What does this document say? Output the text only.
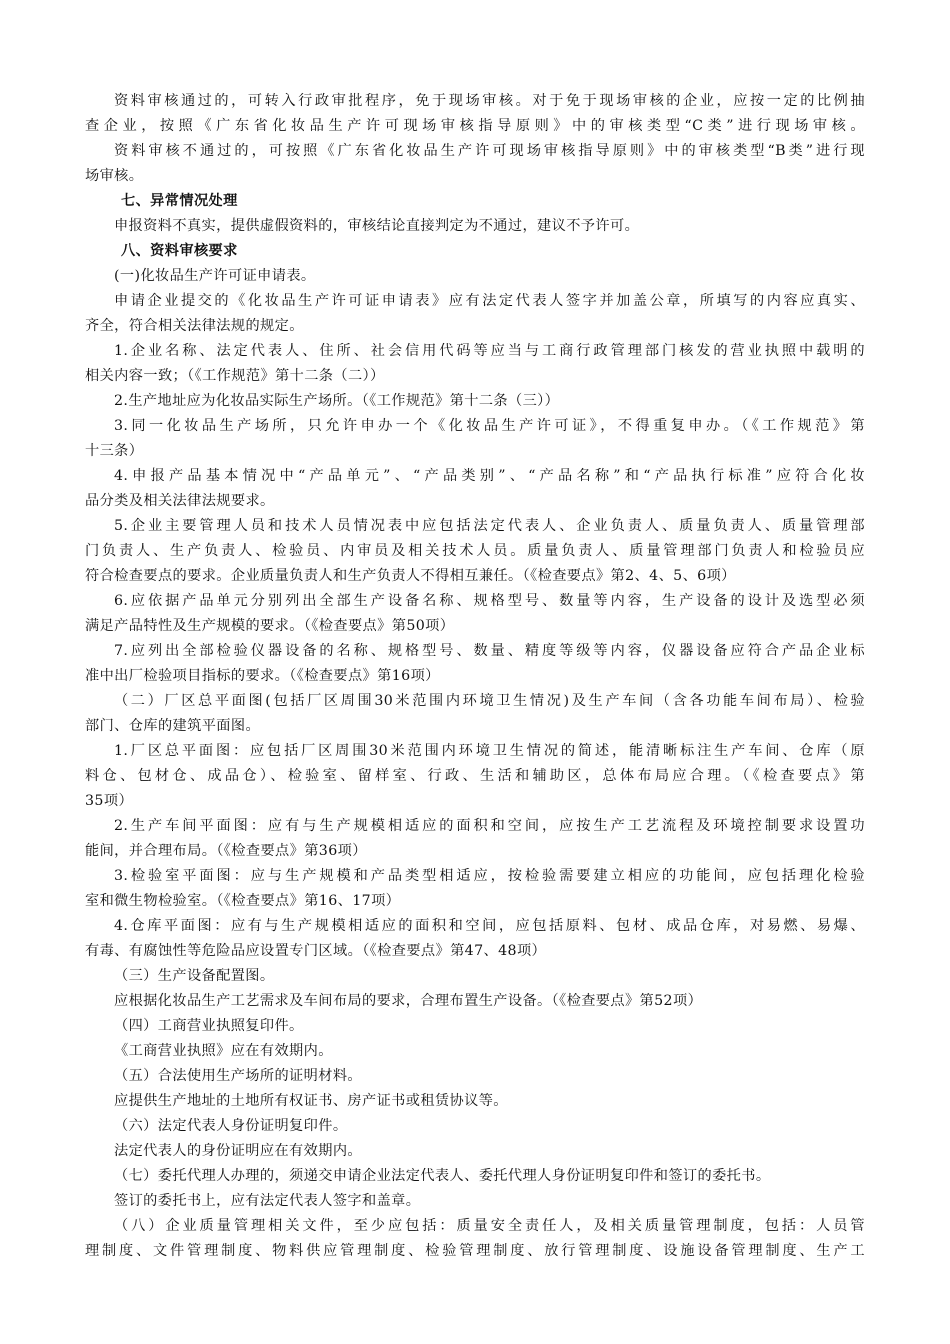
资料审核通过的，可转入行政审批程序，免于现场审核。对于免于现场审核的企业，应按一定的比例抽

查企业，按照《广东省化妆品生产许可现场审核指导原则》中的审核类型“C类”进行现场审核。

资料审核不通过的，可按照《广东省化妆品生产许可现场审核指导原则》中的审核类型“B类”进行现

场审核。

七、异常情况处理

申报资料不真实，提供虚假资料的，审核结论直接判定为不通过，建议不予许可。

八、资料审核要求

(一)化妆品生产许可证申请表。

申请企业提交的《化妆品生产许可证申请表》应有法定代表人签字并加盖公章，所填写的内容应真实、

齐全，符合相关法律法规的规定。

1.企业名称、法定代表人、住所、社会信用代码等应当与工商行政管理部门核发的营业执照中载明的

相关内容一致；（《工作规范》第十二条（二））

2.生产地址应为化妆品实际生产场所。（《工作规范》第十二条（三））

3.同一化妆品生产场所，只允许申办一个《化妆品生产许可证》，不得重复申办。（《工作规范》第

十三条）

4.申报产品基本情况中“产品单元”、“产品类别”、“产品名称”和“产品执行标准”应符合化妆

品分类及相关法律法规要求。

5.企业主要管理人员和技术人员情况表中应包括法定代表人、企业负责人、质量负责人、质量管理部

门负责人、生产负责人、检验员、内审员及相关技术人员。质量负责人、质量管理部门负责人和检验员应

符合检查要点的要求。企业质量负责人和生产负责人不得相互兼任。（《检查要点》第2、4、5、6项）

6.应依据产品单元分别列出全部生产设备名称、规格型号、数量等内容，生产设备的设计及选型必须

满足产品特性及生产规模的要求。（《检查要点》第50项）

7.应列出全部检验仪器设备的名称、规格型号、数量、精度等级等内容，仪器设备应符合产品企业标

准中出厂检验项目指标的要求。（《检查要点》第16项）

（二）厂区总平面图(包括厂区周围30米范围内环境卫生情况)及生产车间（含各功能车间布局）、检验

部门、仓库的建筑平面图。

1.厂区总平面图：应包括厂区周围30米范围内环境卫生情况的简述，能清晰标注生产车间、仓库（原

料仓、包材仓、成品仓）、检验室、留样室、行政、生活和辅助区，总体布局应合理。（《检查要点》第

35项）

2.生产车间平面图：应有与生产规模相适应的面积和空间，应按生产工艺流程及环境控制要求设置功

能间，并合理布局。（《检查要点》第36项）

3.检验室平面图：应与生产规模和产品类型相适应，按检验需要建立相应的功能间，应包括理化检验

室和微生物检验室。（《检查要点》第16、17项）

4.仓库平面图：应有与生产规模相适应的面积和空间，应包括原料、包材、成品仓库，对易燃、易爆、

有毒、有腐蚀性等危险品应设置专门区域。（《检查要点》第47、48项）

（三）生产设备配置图。

应根据化妆品生产工艺需求及车间布局的要求，合理布置生产设备。（《检查要点》第52项）

（四）工商营业执照复印件。

《工商营业执照》应在有效期内。

（五）合法使用生产场所的证明材料。

应提供生产地址的土地所有权证书、房产证书或租赁协议等。

（六）法定代表人身份证明复印件。

法定代表人的身份证明应在有效期内。

（七）委托代理人办理的，须递交申请企业法定代表人、委托代理人身份证明复印件和签订的委托书。

签订的委托书上，应有法定代表人签字和盖章。

（八）企业质量管理相关文件，至少应包括：质量安全责任人，及相关质量管理制度，包括：人员管

理制度、文件管理制度、物料供应管理制度、检验管理制度、放行管理制度、设施设备管理制度、生产工
